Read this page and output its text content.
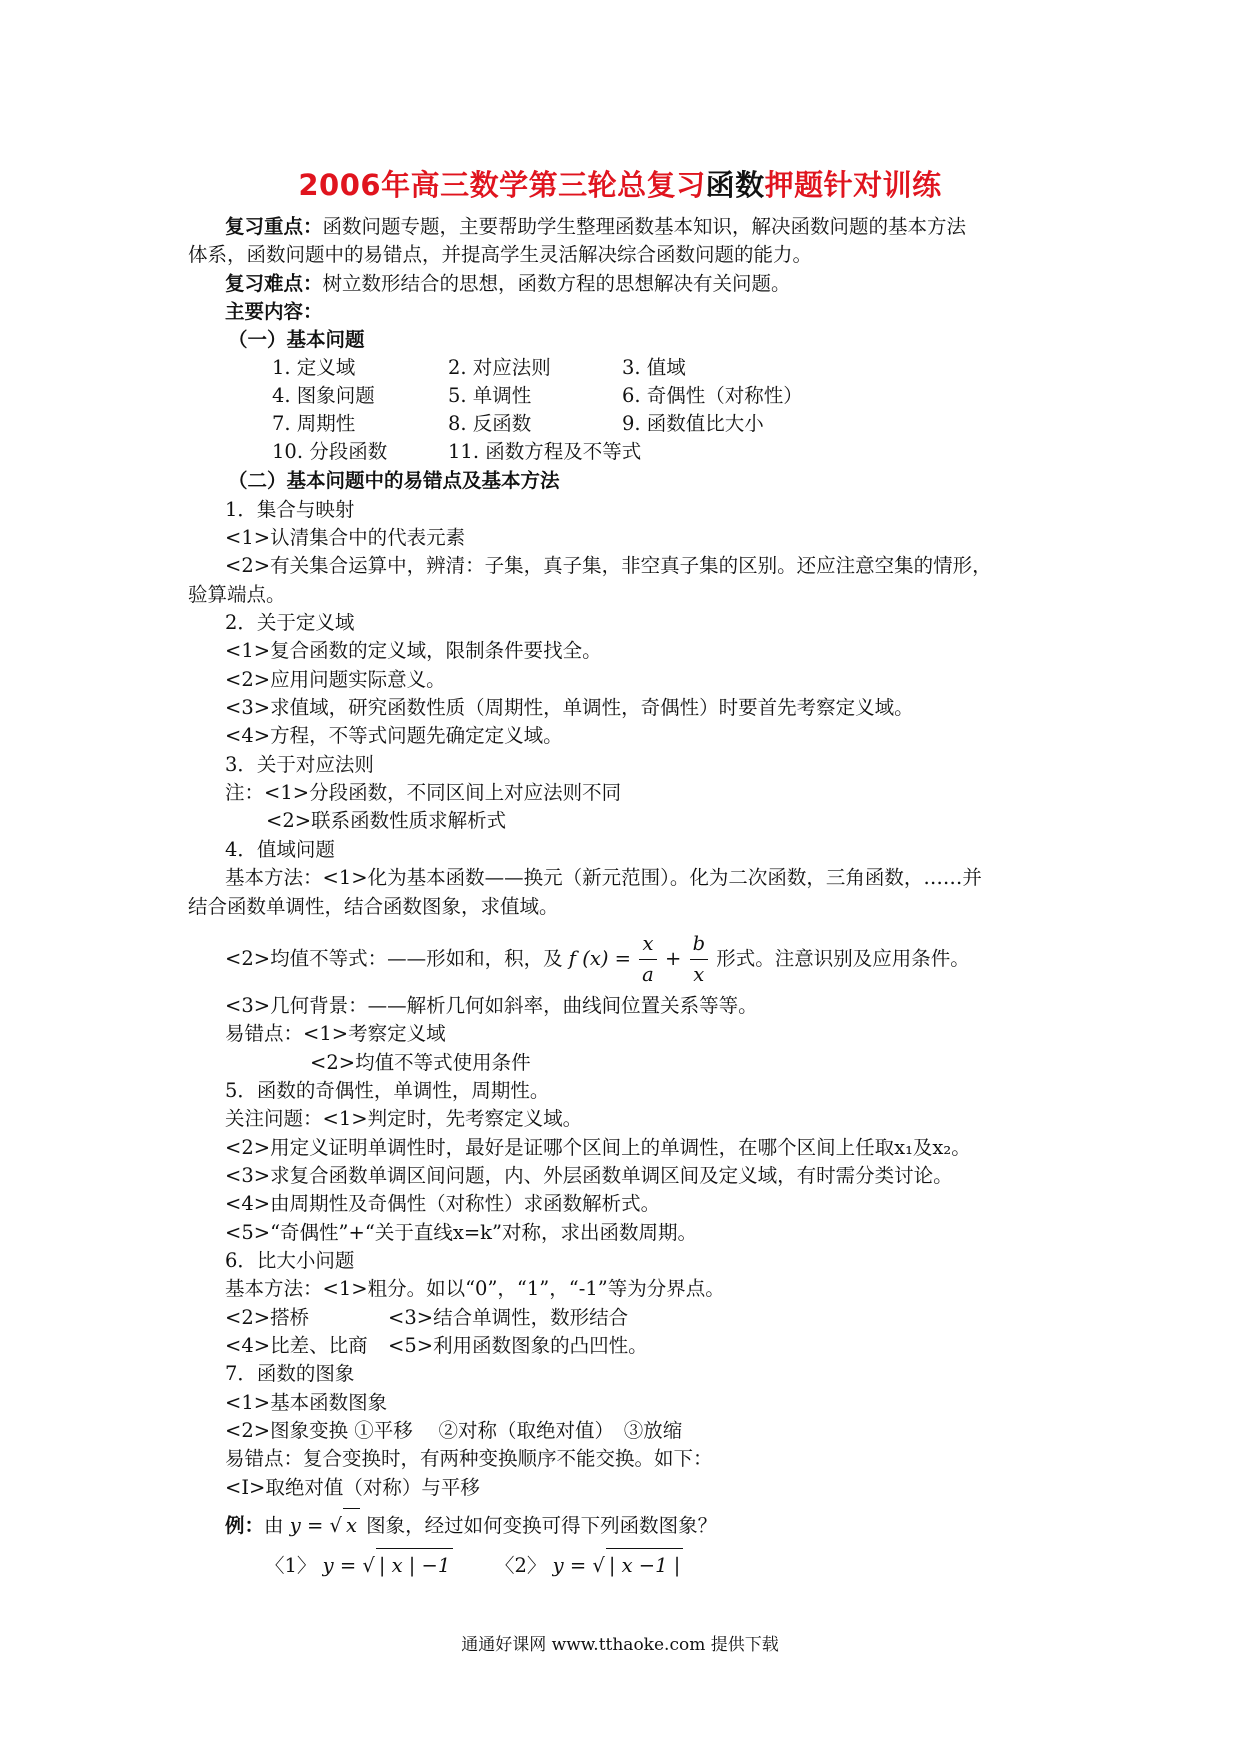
2006年高三数学第三轮总复习函数押题针对训练
复习重点：函数问题专题，主要帮助学生整理函数基本知识，解决函数问题的基本方法
体系，函数问题中的易错点，并提高学生灵活解决综合函数问题的能力。
复习难点：树立数形结合的思想，函数方程的思想解决有关问题。
主要内容：
（一）基本问题
1. 定义域	2. 对应法则	3. 值域
4. 图象问题	5. 单调性	6. 奇偶性（对称性）
7. 周期性	8. 反函数	9. 函数值比大小
10. 分段函数	11. 函数方程及不等式
（二）基本问题中的易错点及基本方法
1．集合与映射
<1>认清集合中的代表元素
<2>有关集合运算中，辨清：子集，真子集，非空真子集的区别。还应注意空集的情形，
验算端点。
2．关于定义域
<1>复合函数的定义域，限制条件要找全。
<2>应用问题实际意义。
<3>求值域，研究函数性质（周期性，单调性，奇偶性）时要首先考察定义域。
<4>方程，不等式问题先确定定义域。
3．关于对应法则
注：<1>分段函数，不同区间上对应法则不同
<2>联系函数性质求解析式
4．值域问题
基本方法：<1>化为基本函数——换元（新元范围）。化为二次函数，三角函数，……并
结合函数单调性，结合函数图象，求值域。
<2>均值不等式：——形如和，积，及 f $(x) = \frac{x}{a} + \frac{b}{x}$ 形式。注意识别及应用条件。
<3>几何背景：——解析几何如斜率，曲线间位置关系等等。
易错点：<1>考察定义域
<2>均值不等式使用条件
5．函数的奇偶性，单调性，周期性。
关注问题：<1>判定时，先考察定义域。
<2>用定义证明单调性时，最好是证哪个区间上的单调性，在哪个区间上任取x₁及x₂。
<3>求复合函数单调区间问题，内、外层函数单调区间及定义域，有时需分类讨论。
<4>由周期性及奇偶性（对称性）求函数解析式。
<5>“奇偶性”+“关于直线x=k”对称，求出函数周期。
6．比大小问题
基本方法：<1>粗分。如以“0”，“1”，“-1”等为分界点。
<2>搭桥	<3>结合单调性，数形结合
<4>比差、比商 <5>利用函数图象的凸凹性。
7．函数的图象
<1>基本函数图象
<2>图象变换 ①平移　 ②对称（取绝对值）　③放缩
易错点：复合变换时，有两种变换顺序不能交换。如下：
<I>取绝对值（对称）与平移
例：由 y = √ x 图象，经过如何变换可得下列函数图象？
〈1〉 y = √ | x | −1 〈2〉 y = √ | x −1 |
通通好课网 www.tthaoke.com 提供下载
